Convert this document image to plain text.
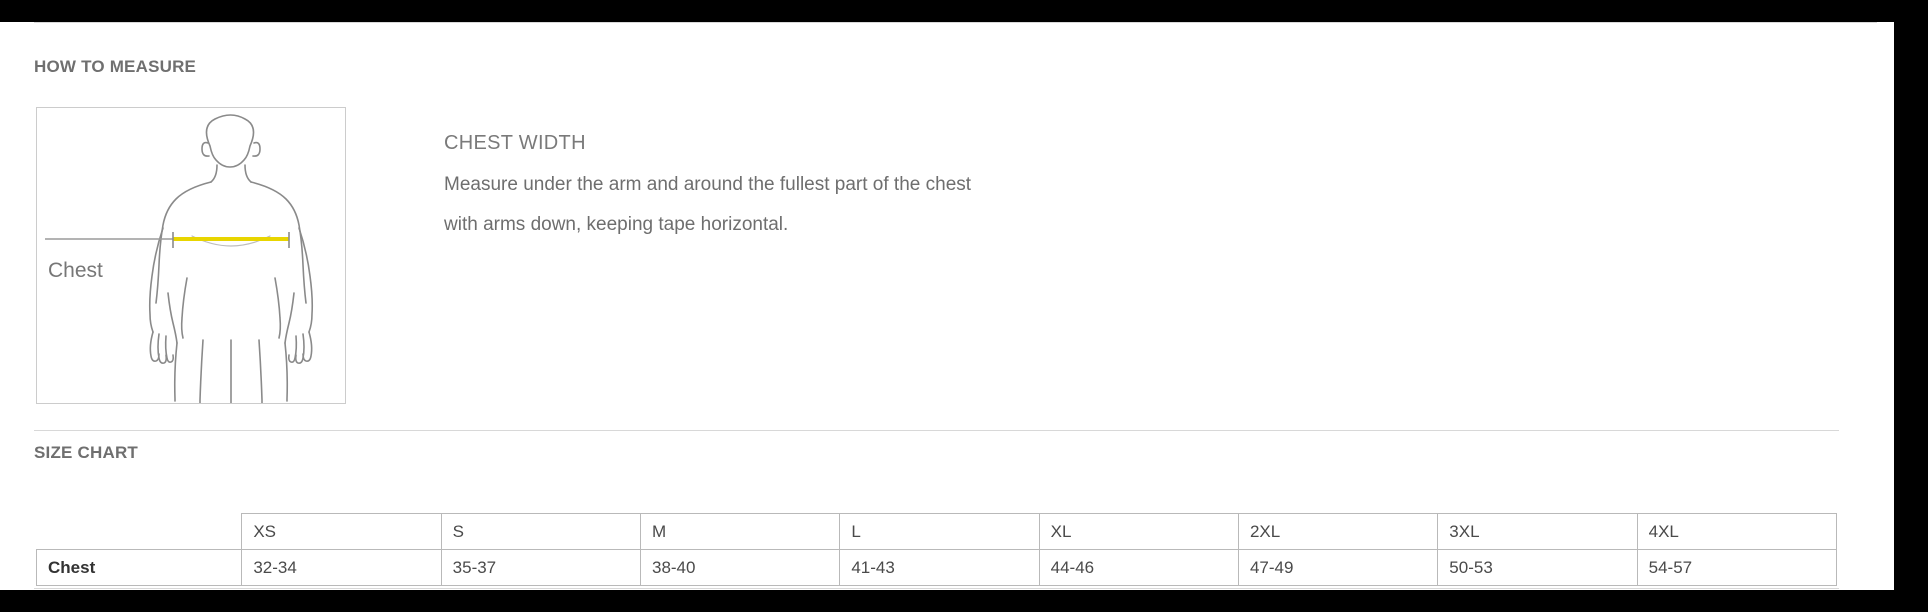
HOW TO MEASURE
Chest
CHEST WIDTH
Measure under the arm and around the fullest part of the chest
with arms down, keeping tape horizontal.
SIZE CHART
	XS	S	M	L	XL	2XL	3XL	4XL
Chest	32-34	35-37	38-40	41-43	44-46	47-49	50-53	54-57
